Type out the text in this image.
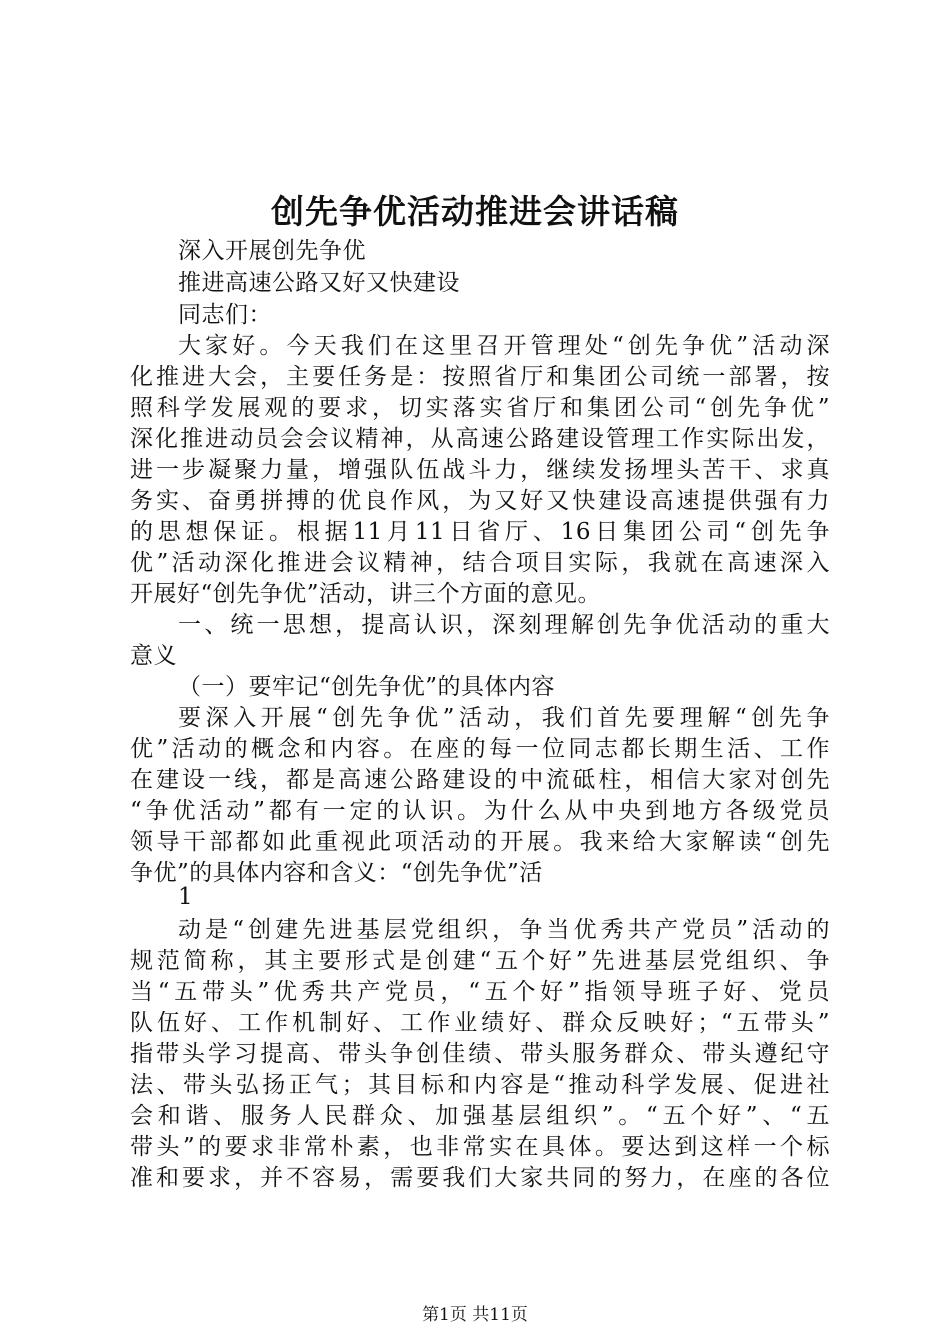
创先争优活动推进会讲话稿
深入开展创先争优
推进高速公路又好又快建设
同志们：
大家好。今天我们在这里召开管理处“创先争优”活动深
化推进大会，主要任务是：按照省厅和集团公司统一部署，按
照科学发展观的要求，切实落实省厅和集团公司“创先争优”
深化推进动员会会议精神，从高速公路建设管理工作实际出发，
进一步凝聚力量，增强队伍战斗力，继续发扬埋头苦干、求真
务实、奋勇拼搏的优良作风，为又好又快建设高速提供强有力
的思想保证。根据11月11日省厅、16日集团公司“创先争
优”活动深化推进会议精神，结合项目实际，我就在高速深入
开展好“创先争优”活动，讲三个方面的意见。
一、统一思想，提高认识，深刻理解创先争优活动的重大
意义
（一）要牢记“创先争优”的具体内容
要深入开展“创先争优”活动，我们首先要理解“创先争
优”活动的概念和内容。在座的每一位同志都长期生活、工作
在建设一线，都是高速公路建设的中流砥柱，相信大家对创先
“争优活动”都有一定的认识。为什么从中央到地方各级党员
领导干部都如此重视此项活动的开展。我来给大家解读“创先
争优”的具体内容和含义：“创先争优”活
1
动是“创建先进基层党组织，争当优秀共产党员”活动的
规范简称，其主要形式是创建“五个好”先进基层党组织、争
当“五带头”优秀共产党员，“五个好”指领导班子好、党员
队伍好、工作机制好、工作业绩好、群众反映好；“五带头”
指带头学习提高、带头争创佳绩、带头服务群众、带头遵纪守
法、带头弘扬正气；其目标和内容是“推动科学发展、促进社
会和谐、服务人民群众、加强基层组织”。“五个好”、“五
带头”的要求非常朴素，也非常实在具体。要达到这样一个标
准和要求，并不容易，需要我们大家共同的努力，在座的各位
第1页 共11页
